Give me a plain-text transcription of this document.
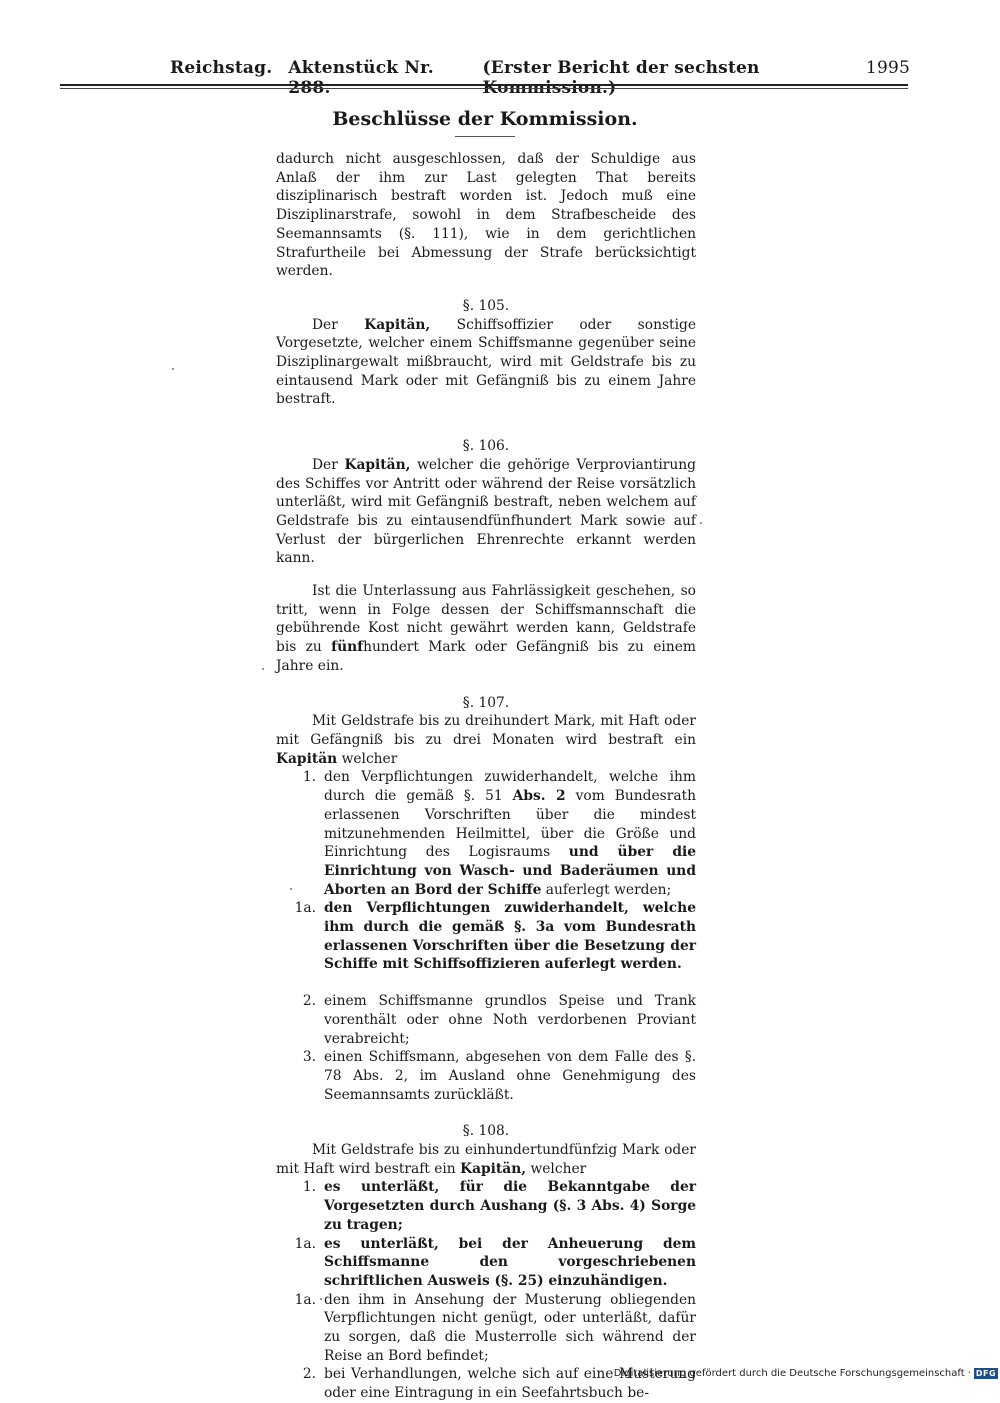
Reichstag. Aktenstück Nr.	(Erster Bericht der sechsten	1995
Beschlüsse der Kommission.

dadurch nicht ausgeschlossen, daß der Schuldige aus Anlaß der ihm zur Last gelegten That bereits disziplinarisch bestraft worden ist. Jedoch muß eine Disziplinarstrafe, sowohl in dem Strafbescheide des Seemannsamts (§. 111), wie in dem gerichtlichen Strafurtheile bei Abmessung der Strafe berücksichtigt werden.

§. 105.

Der Kapitän, Schiffsoffizier oder sonstige Vorgesetzte, welcher einem Schiffsmanne gegenüber seine Disziplinargewalt mißbraucht, wird mit Geldstrafe bis zu eintausend Mark oder mit Gefängniß bis zu einem Jahre bestraft.

§. 106.

Der Kapitän, welcher die gehörige Verproviantirung des Schiffes vor Antritt oder während der Reise vorsätzlich unterläßt, wird mit Gefängniß bestraft, neben welchem auf Geldstrafe bis zu eintausendfünfhundert Mark sowie auf Verlust der bürgerlichen Ehrenrechte erkannt werden kann.

Ist die Unterlassung aus Fahrlässigkeit geschehen, so tritt, wenn in Folge dessen der Schiffsmannschaft die gebührende Kost nicht gewährt werden kann, Geldstrafe bis zu fünfhundert Mark oder Gefängniß bis zu einem Jahre ein.

§. 107.

Mit Geldstrafe bis zu dreihundert Mark, mit Haft oder mit Gefängniß bis zu drei Monaten wird bestraft ein Kapitän welcher

1. den Verpflichtungen zuwiderhandelt, welche ihm durch die gemäß §. 51 Abs. 2 vom Bundesrath erlassenen Vorschriften über die mindest mitzunehmenden Heilmittel, über die Größe und Einrichtung des Logisraums und über die Einrichtung von Wasch- und Baderäumen und Aborten an Bord der Schiffe auferlegt werden;
1a. den Verpflichtungen zuwiderhandelt, welche ihm durch die gemäß §. 3a vom Bundesrath erlassenen Vorschriften über die Besetzung der Schiffe mit Schiffsoffizieren auferlegt werden.
2. einem Schiffsmanne grundlos Speise und Trank vorenthält oder ohne Noth verdorbenen Proviant verabreicht;
3. einen Schiffsmann, abgesehen von dem Falle des §. 78 Abs. 2, im Ausland ohne Genehmigung des Seemannsamts zurückläßt.

§. 108.

Mit Geldstrafe bis zu einhundertundfünfzig Mark oder mit Haft wird bestraft ein Kapitän, welcher

1. es unterläßt, für die Bekanntgabe der Vorgesetzten durch Aushang (§. 3 Abs. 4) Sorge zu tragen;
1a. es unterläßt, bei der Anheuerung dem Schiffsmanne den vorgeschriebenen schriftlichen Ausweis (§. 25) einzuhändigen.
1a. den ihm in Ansehung der Musterung obliegenden Verpflichtungen nicht genügt, oder unterläßt, dafür zu sorgen, daß die Musterrolle sich während der Reise an Bord befindet;
2. bei Verhandlungen, welche sich auf eine Musterung oder eine Eintragung in ein Seefahrtsbuch be-
Digitalisierung gefördert durch die Deutsche Forschungsgemeinschaft · DFG
